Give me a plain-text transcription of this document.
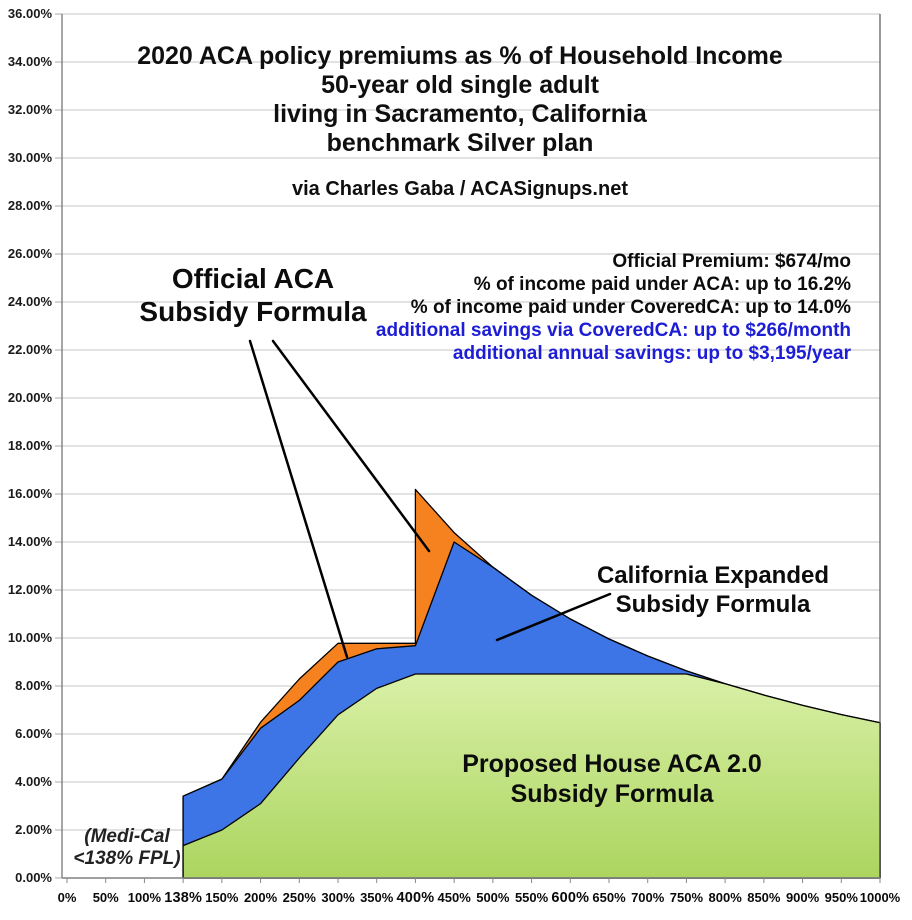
2020 ACA policy premiums as % of Household Income
50-year old single adult
living in Sacramento, California
benchmark Silver plan
via Charles Gaba / ACASignups.net
Official Premium: $674/mo
% of income paid under ACA: up to 16.2%
% of income paid under CoveredCA: up to 14.0%
additional savings via CoveredCA: up to $266/month
additional annual savings: up to $3,195/year
Official ACA
Subsidy Formula
California Expanded
Subsidy Formula
Proposed House ACA 2.0
Subsidy Formula
(Medi-Cal
<138% FPL)
36.00%
34.00%
32.00%
30.00%
28.00%
26.00%
24.00%
22.00%
20.00%
18.00%
16.00%
14.00%
12.00%
10.00%
8.00%
6.00%
4.00%
2.00%
0.00%
0% 50% 100% 138% 150% 200% 250% 300% 350% 400% 450% 500% 550% 600% 650% 700% 750% 800% 850% 900% 950% 1000%
